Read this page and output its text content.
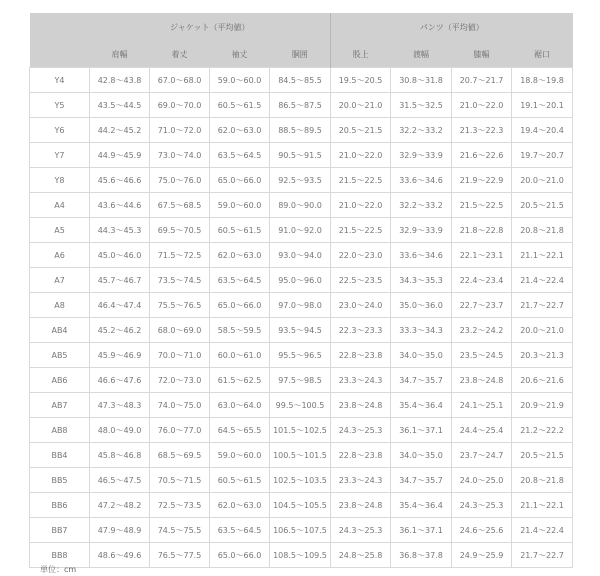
	ジャケット（平均値）				パンツ（平均値）			
	肩幅	着丈	袖丈	胴囲	股上	渡幅	膝幅	裾口
Y4	42.8～43.8	67.0～68.0	59.0～60.0	84.5～85.5	19.5～20.5	30.8～31.8	20.7～21.7	18.8～19.8
Y5	43.5～44.5	69.0～70.0	60.5～61.5	86.5～87.5	20.0～21.0	31.5～32.5	21.0～22.0	19.1～20.1
Y6	44.2～45.2	71.0～72.0	62.0～63.0	88.5～89.5	20.5～21.5	32.2～33.2	21.3～22.3	19.4～20.4
Y7	44.9～45.9	73.0～74.0	63.5～64.5	90.5～91.5	21.0～22.0	32.9～33.9	21.6～22.6	19.7～20.7
Y8	45.6～46.6	75.0～76.0	65.0～66.0	92.5～93.5	21.5～22.5	33.6～34.6	21.9～22.9	20.0～21.0
A4	43.6～44.6	67.5～68.5	59.0～60.0	89.0～90.0	21.0～22.0	32.2～33.2	21.5～22.5	20.5～21.5
A5	44.3～45.3	69.5～70.5	60.5～61.5	91.0～92.0	21.5～22.5	32.9～33.9	21.8～22.8	20.8～21.8
A6	45.0～46.0	71.5～72.5	62.0～63.0	93.0～94.0	22.0～23.0	33.6～34.6	22.1～23.1	21.1～22.1
A7	45.7～46.7	73.5～74.5	63.5～64.5	95.0～96.0	22.5～23.5	34.3～35.3	22.4～23.4	21.4～22.4
A8	46.4～47.4	75.5～76.5	65.0～66.0	97.0～98.0	23.0～24.0	35.0～36.0	22.7～23.7	21.7～22.7
AB4	45.2～46.2	68.0～69.0	58.5～59.5	93.5～94.5	22.3～23.3	33.3～34.3	23.2～24.2	20.0～21.0
AB5	45.9～46.9	70.0～71.0	60.0～61.0	95.5～96.5	22.8～23.8	34.0～35.0	23.5～24.5	20.3～21.3
AB6	46.6～47.6	72.0～73.0	61.5～62.5	97.5～98.5	23.3～24.3	34.7～35.7	23.8～24.8	20.6～21.6
AB7	47.3～48.3	74.0～75.0	63.0～64.0	99.5～100.5	23.8～24.8	35.4～36.4	24.1～25.1	20.9～21.9
AB8	48.0～49.0	76.0～77.0	64.5～65.5	101.5～102.5	24.3～25.3	36.1～37.1	24.4～25.4	21.2～22.2
BB4	45.8～46.8	68.5～69.5	59.0～60.0	100.5～101.5	22.8～23.8	34.0～35.0	23.7～24.7	20.5～21.5
BB5	46.5～47.5	70.5～71.5	60.5～61.5	102.5～103.5	23.3～24.3	34.7～35.7	24.0～25.0	20.8～21.8
BB6	47.2～48.2	72.5～73.5	62.0～63.0	104.5～105.5	23.8～24.8	35.4～36.4	24.3～25.3	21.1～22.1
BB7	47.9～48.9	74.5～75.5	63.5～64.5	106.5～107.5	24.3～25.3	36.1～37.1	24.6～25.6	21.4～22.4
BB8	48.6～49.6	76.5～77.5	65.0～66.0	108.5～109.5	24.8～25.8	36.8～37.8	24.9～25.9	21.7～22.7
単位：cm
